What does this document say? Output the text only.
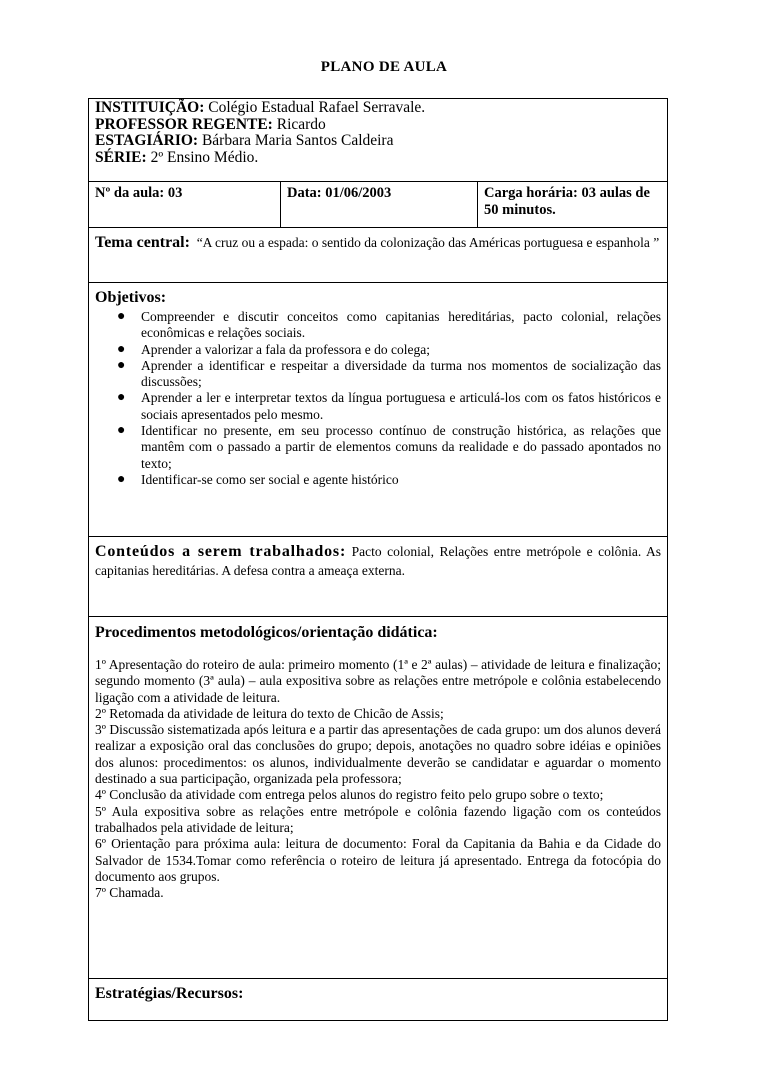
PLANO DE AULA
INSTITUIÇÃO: Colégio Estadual Rafael Serravale.
PROFESSOR REGENTE: Ricardo
ESTAGIÁRIO: Bárbara Maria Santos Caldeira
SÉRIE: 2º Ensino Médio.
Nº da aula: 03	Data: 01/06/2003	Carga horária: 03 aulas de 50 minutos.
Tema central: “A cruz ou a espada: o sentido da colonização das Américas portuguesa e espanhola ”
Objetivos:
● Compreender e discutir conceitos como capitanias hereditárias, pacto colonial, relações econômicas e relações sociais.
● Aprender a valorizar a fala da professora e do colega;
● Aprender a identificar e respeitar a diversidade da turma nos momentos de socialização das discussões;
● Aprender a ler e interpretar textos da língua portuguesa e articulá-los com os fatos históricos e sociais apresentados pelo mesmo.
● Identificar no presente, em seu processo contínuo de construção histórica, as relações que mantêm com o passado a partir de elementos comuns da realidade e do passado apontados no texto;
● Identificar-se como ser social e agente histórico
Conteúdos a serem trabalhados: Pacto colonial, Relações entre metrópole e colônia. As capitanias hereditárias. A defesa contra a ameaça externa.
Procedimentos metodológicos/orientação didática:

1º Apresentação do roteiro de aula: primeiro momento (1ª e 2ª aulas) – atividade de leitura e finalização; segundo momento (3ª aula) – aula expositiva sobre as relações entre metrópole e colônia estabelecendo ligação com a atividade de leitura.

2º Retomada da atividade de leitura do texto de Chicão de Assis;

3º Discussão sistematizada após leitura e a partir das apresentações de cada grupo: um dos alunos deverá realizar a exposição oral das conclusões do grupo; depois, anotações no quadro sobre idéias e opiniões dos alunos: procedimentos: os alunos, individualmente deverão se candidatar e aguardar o momento destinado a sua participação, organizada pela professora;

4º Conclusão da atividade com entrega pelos alunos do registro feito pelo grupo sobre o texto;

5º Aula expositiva sobre as relações entre metrópole e colônia fazendo ligação com os conteúdos trabalhados pela atividade de leitura;

6º Orientação para próxima aula: leitura de documento: Foral da Capitania da Bahia e da Cidade do Salvador de 1534.Tomar como referência o roteiro de leitura já apresentado. Entrega da fotocópia do documento aos grupos.

7º Chamada.

Estratégias/Recursos:
